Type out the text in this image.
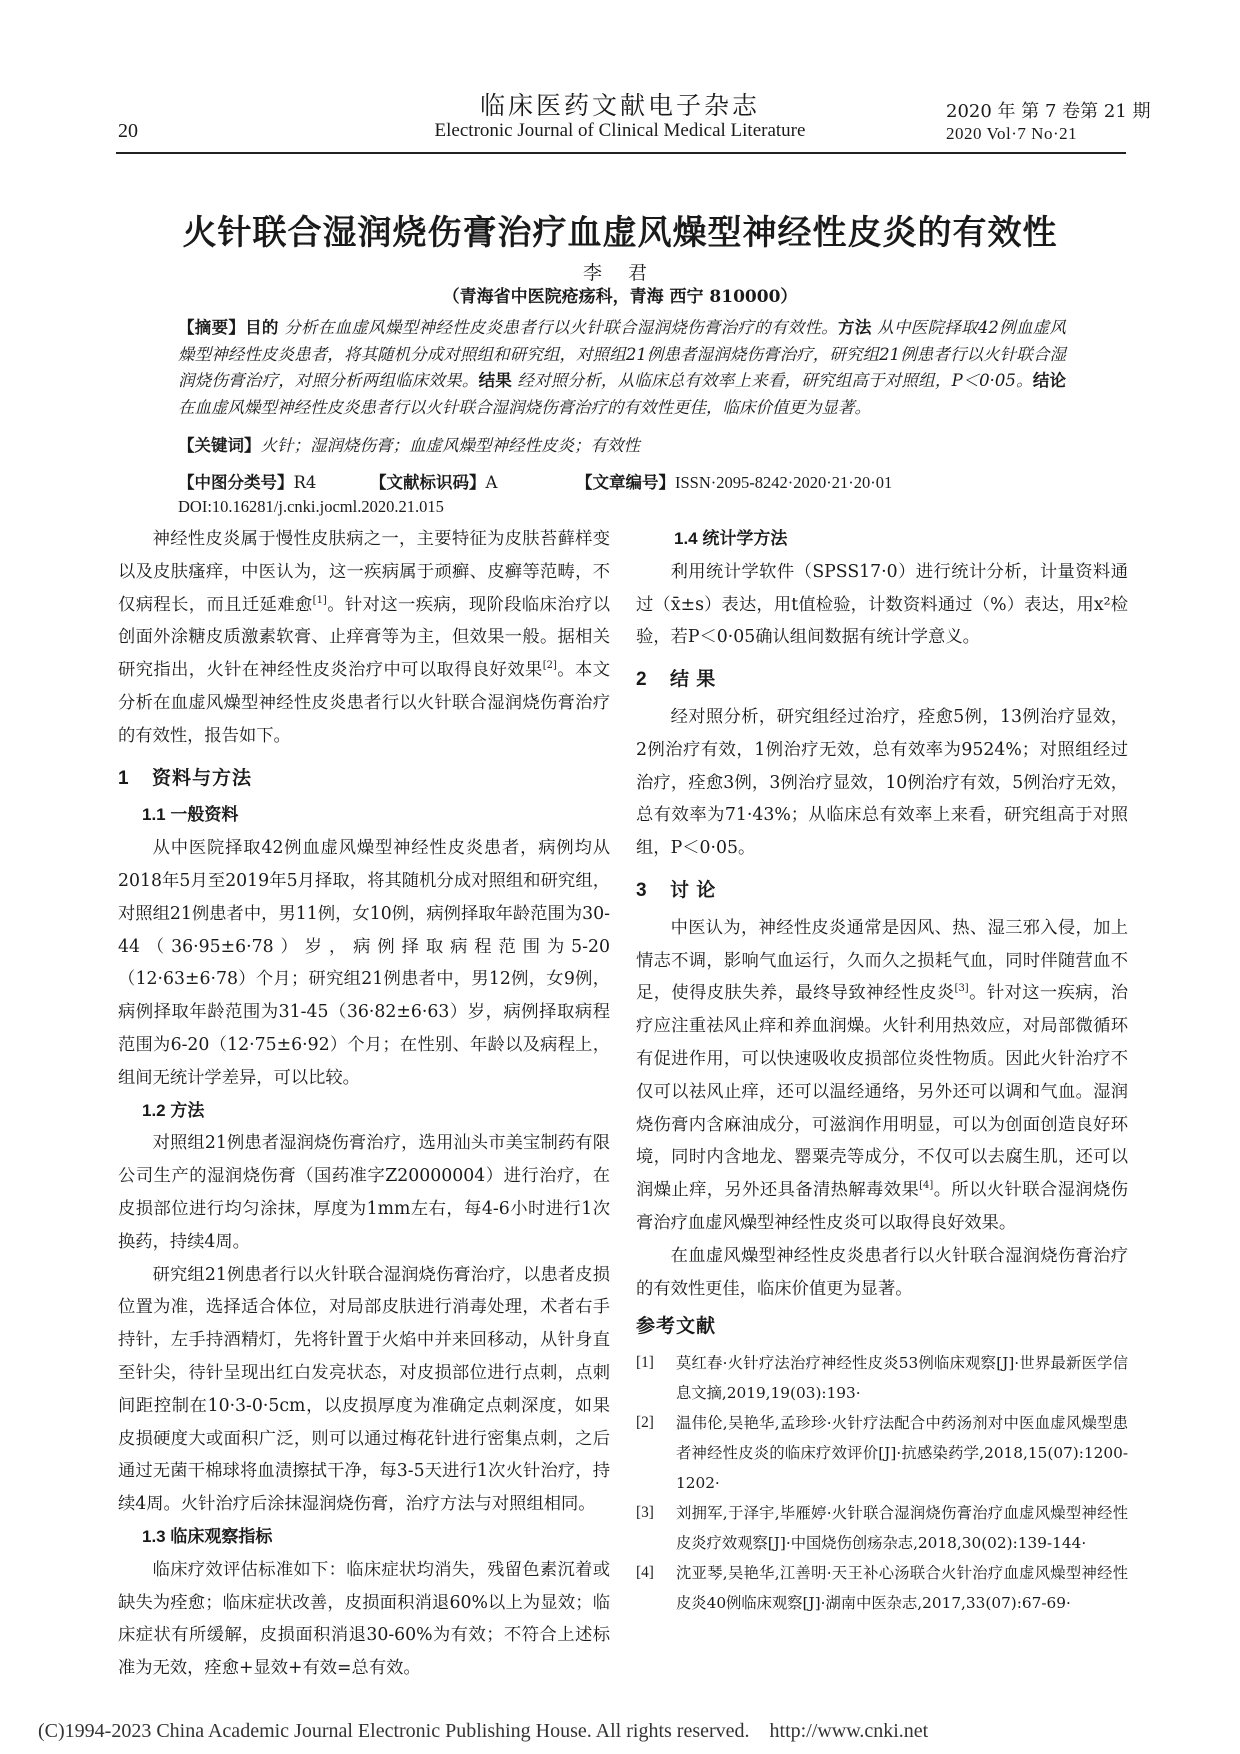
20
临床医药文献电子杂志
Electronic Journal of Clinical Medical Literature
2020 年 第 7 卷第 21 期
2020 Vol·7 No·21
火针联合湿润烧伤膏治疗血虚风燥型神经性皮炎的有效性
李 君
（青海省中医院疮疡科，青海 西宁 810000）
【摘要】目的 分析在血虚风燥型神经性皮炎患者行以火针联合湿润烧伤膏治疗的有效性。方法 从中医院择取42例血虚风燥型神经性皮炎患者，将其随机分成对照组和研究组，对照组21例患者湿润烧伤膏治疗，研究组21例患者行以火针联合湿润烧伤膏治疗，对照分析两组临床效果。结果 经对照分析，从临床总有效率上来看，研究组高于对照组，P＜0·05。结论 在血虚风燥型神经性皮炎患者行以火针联合湿润烧伤膏治疗的有效性更佳，临床价值更为显著。
【关键词】火针；湿润烧伤膏；血虚风燥型神经性皮炎；有效性
【中图分类号】R4	【文献标识码】A	【文章编号】ISSN·2095-8242·2020·21·20·01
DOI:10.16281/j.cnki.jocml.2020.21.015

神经性皮炎属于慢性皮肤病之一，主要特征为皮肤苔藓样变以及皮肤瘙痒，中医认为，这一疾病属于顽癣、皮癣等范畴，不仅病程长，而且迁延难愈[1]。针对这一疾病，现阶段临床治疗以创面外涂糖皮质激素软膏、止痒膏等为主，但效果一般。据相关研究指出，火针在神经性皮炎治疗中可以取得良好效果[2]。本文分析在血虚风燥型神经性皮炎患者行以火针联合湿润烧伤膏治疗的有效性，报告如下。

1 资料与方法
1.1 一般资料

从中医院择取42例血虚风燥型神经性皮炎患者，病例均从2018年5月至2019年5月择取，将其随机分成对照组和研究组，对照组21例患者中，男11例，女10例，病例择取年龄范围为30-44（36·95±6·78）岁，病例择取病程范围为5-20（12·63±6·78）个月；研究组21例患者中，男12例，女9例，病例择取年龄范围为31-45（36·82±6·63）岁，病例择取病程范围为6-20（12·75±6·92）个月；在性别、年龄以及病程上，组间无统计学差异，可以比较。

1.2 方法

对照组21例患者湿润烧伤膏治疗，选用汕头市美宝制药有限公司生产的湿润烧伤膏（国药准字Z20000004）进行治疗，在皮损部位进行均匀涂抹，厚度为1mm左右，每4-6小时进行1次换药，持续4周。

研究组21例患者行以火针联合湿润烧伤膏治疗，以患者皮损位置为准，选择适合体位，对局部皮肤进行消毒处理，术者右手持针，左手持酒精灯，先将针置于火焰中并来回移动，从针身直至针尖，待针呈现出红白发亮状态，对皮损部位进行点刺，点刺间距控制在10·3-0·5cm，以皮损厚度为准确定点刺深度，如果皮损硬度大或面积广泛，则可以通过梅花针进行密集点刺，之后通过无菌干棉球将血渍擦拭干净，每3-5天进行1次火针治疗，持续4周。火针治疗后涂抹湿润烧伤膏，治疗方法与对照组相同。

1.3 临床观察指标

临床疗效评估标准如下：临床症状均消失，残留色素沉着或缺失为痊愈；临床症状改善，皮损面积消退60%以上为显效；临床症状有所缓解，皮损面积消退30-60%为有效；不符合上述标准为无效，痊愈+显效+有效=总有效。

1.4 统计学方法

利用统计学软件（SPSS17·0）进行统计分析，计量资料通过（x̄±s）表达，用t值检验，计数资料通过（%）表达，用x²检验，若P＜0·05确认组间数据有统计学意义。

2 结 果

经对照分析，研究组经过治疗，痊愈5例，13例治疗显效，2例治疗有效，1例治疗无效，总有效率为9524%；对照组经过治疗，痊愈3例，3例治疗显效，10例治疗有效，5例治疗无效，总有效率为71·43%；从临床总有效率上来看，研究组高于对照组，P＜0·05。

3 讨 论

中医认为，神经性皮炎通常是因风、热、湿三邪入侵，加上情志不调，影响气血运行，久而久之损耗气血，同时伴随营血不足，使得皮肤失养，最终导致神经性皮炎[3]。针对这一疾病，治疗应注重祛风止痒和养血润燥。火针利用热效应，对局部微循环有促进作用，可以快速吸收皮损部位炎性物质。因此火针治疗不仅可以祛风止痒，还可以温经通络，另外还可以调和气血。湿润烧伤膏内含麻油成分，可滋润作用明显，可以为创面创造良好环境，同时内含地龙、罂粟壳等成分，不仅可以去腐生肌，还可以润燥止痒，另外还具备清热解毒效果[4]。所以火针联合湿润烧伤膏治疗血虚风燥型神经性皮炎可以取得良好效果。

在血虚风燥型神经性皮炎患者行以火针联合湿润烧伤膏治疗的有效性更佳，临床价值更为显著。

参考文献
[1]	莫红春·火针疗法治疗神经性皮炎53例临床观察[J]·世界最新医学信息文摘,2019,19(03):193·
[2]	温伟伦,吴艳华,孟珍珍·火针疗法配合中药汤剂对中医血虚风燥型患者神经性皮炎的临床疗效评价[J]·抗感染药学,2018,15(07):1200-1202·
[3]	刘拥军,于泽宇,毕雁婷·火针联合湿润烧伤膏治疗血虚风燥型神经性皮炎疗效观察[J]·中国烧伤创疡杂志,2018,30(02):139-144·
[4]	沈亚琴,吴艳华,江善明·天王补心汤联合火针治疗血虚风燥型神经性皮炎40例临床观察[J]·湖南中医杂志,2017,33(07):67-69·
(C)1994-2023 China Academic Journal Electronic Publishing House. All rights reserved.    http://www.cnki.net
